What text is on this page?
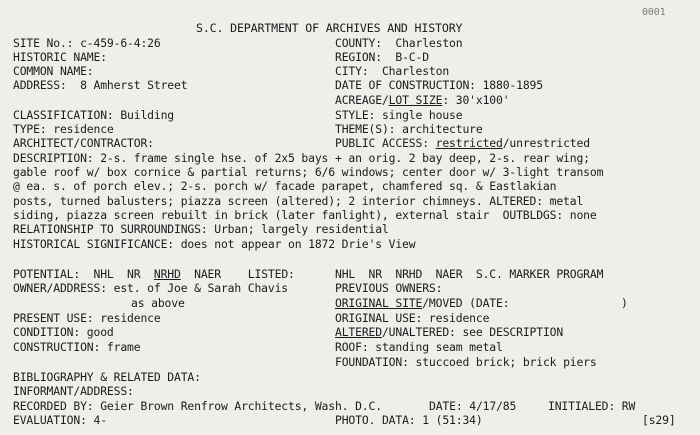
S.C. DEPARTMENT OF ARCHIVES AND HISTORY
0001
SITE No.: c-459-6-4:26
HISTORIC NAME:
COMMON NAME:
ADDRESS:  8 Amherst Street
CLASSIFICATION: Building
TYPE: residence
ARCHITECT/CONTRACTOR:
COUNTY:  Charleston
REGION:  B-C-D
CITY:  Charleston
DATE OF CONSTRUCTION: 1880-1895
ACREAGE/LOT SIZE: 30'x100'
STYLE: single house
THEME(S): architecture
PUBLIC ACCESS: restricted/unrestricted
DESCRIPTION: 2-s. frame single hse. of 2x5 bays + an orig. 2 bay deep, 2-s. rear wing;
gable roof w/ box cornice & partial returns; 6/6 windows; center door w/ 3-light transom
@ ea. s. of porch elev.; 2-s. porch w/ facade parapet, chamfered sq. & Eastlakian
posts, turned balusters; piazza screen (altered); 2 interior chimneys. ALTERED: metal
siding, piazza screen rebuilt in brick (later fanlight), external stair  OUTBLDGS: none
RELATIONSHIP TO SURROUNDINGS: Urban; largely residential
HISTORICAL SIGNIFICANCE: does not appear on 1872 Drie's View
POTENTIAL:  NHL  NR  NRHD  NAER    LISTED:
OWNER/ADDRESS: est. of Joe & Sarah Chavis
as above
PRESENT USE: residence
CONDITION: good
CONSTRUCTION: frame
NHL  NR  NRHD  NAER  S.C. MARKER PROGRAM
PREVIOUS OWNERS:
ORIGINAL SITE/MOVED (DATE:	)
ORIGINAL USE: residence
ALTERED/UNALTERED: see DESCRIPTION
ROOF: standing seam metal
FOUNDATION: stuccoed brick; brick piers
BIBLIOGRAPHY & RELATED DATA:
INFORMANT/ADDRESS:
RECORDED BY: Geier Brown Renfrow Architects, Wash. D.C.	DATE: 4/17/85	INITIALED: RW
EVALUATION: 4-	PHOTO. DATA: 1 (51:34)	[s29]
